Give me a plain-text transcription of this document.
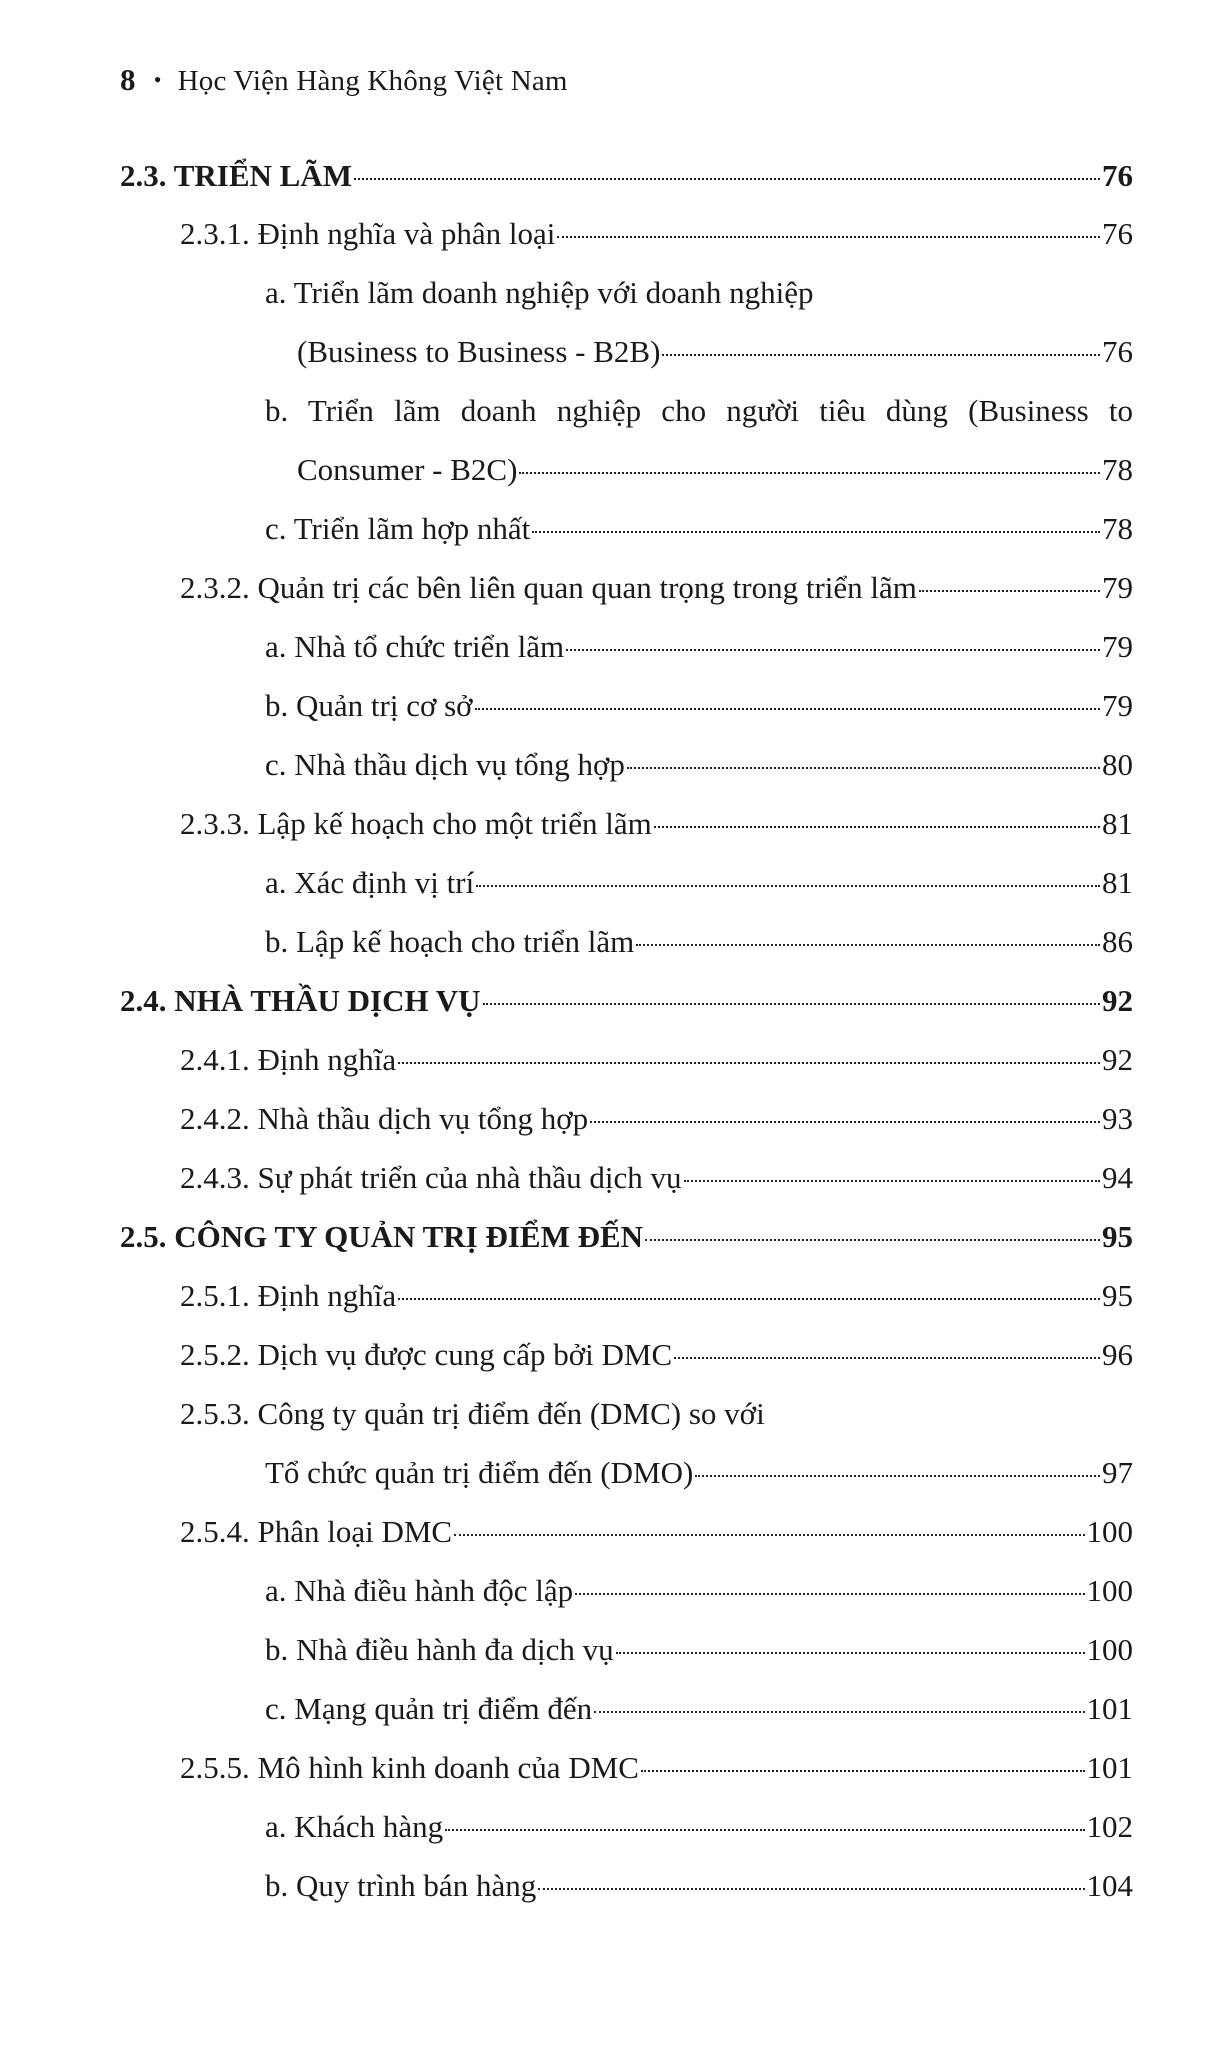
8 • Học Viện Hàng Không Việt Nam
2.3. TRIỂN LÃM	76
2.3.1. Định nghĩa và phân loại	76
a. Triển lãm doanh nghiệp với doanh nghiệp
(Business to Business - B2B)	76
b. Triển lãm doanh nghiệp cho người tiêu dùng (Business to
Consumer - B2C)	78
c. Triển lãm hợp nhất	78
2.3.2. Quản trị các bên liên quan quan trọng trong triển lãm	79
a. Nhà tổ chức triển lãm	79
b. Quản trị cơ sở	79
c. Nhà thầu dịch vụ tổng hợp	80
2.3.3. Lập kế hoạch cho một triển lãm	81
a. Xác định vị trí	81
b. Lập kế hoạch cho triển lãm	86
2.4. NHÀ THẦU DỊCH VỤ	92
2.4.1. Định nghĩa	92
2.4.2. Nhà thầu dịch vụ tổng hợp	93
2.4.3. Sự phát triển của nhà thầu dịch vụ	94
2.5. CÔNG TY QUẢN TRỊ ĐIỂM ĐẾN	95
2.5.1. Định nghĩa	95
2.5.2. Dịch vụ được cung cấp bởi DMC	96
2.5.3. Công ty quản trị điểm đến (DMC) so với
Tổ chức quản trị điểm đến (DMO)	97
2.5.4. Phân loại DMC	100
a. Nhà điều hành độc lập	100
b. Nhà điều hành đa dịch vụ	100
c. Mạng quản trị điểm đến	101
2.5.5. Mô hình kinh doanh của DMC	101
a. Khách hàng	102
b. Quy trình bán hàng	104
